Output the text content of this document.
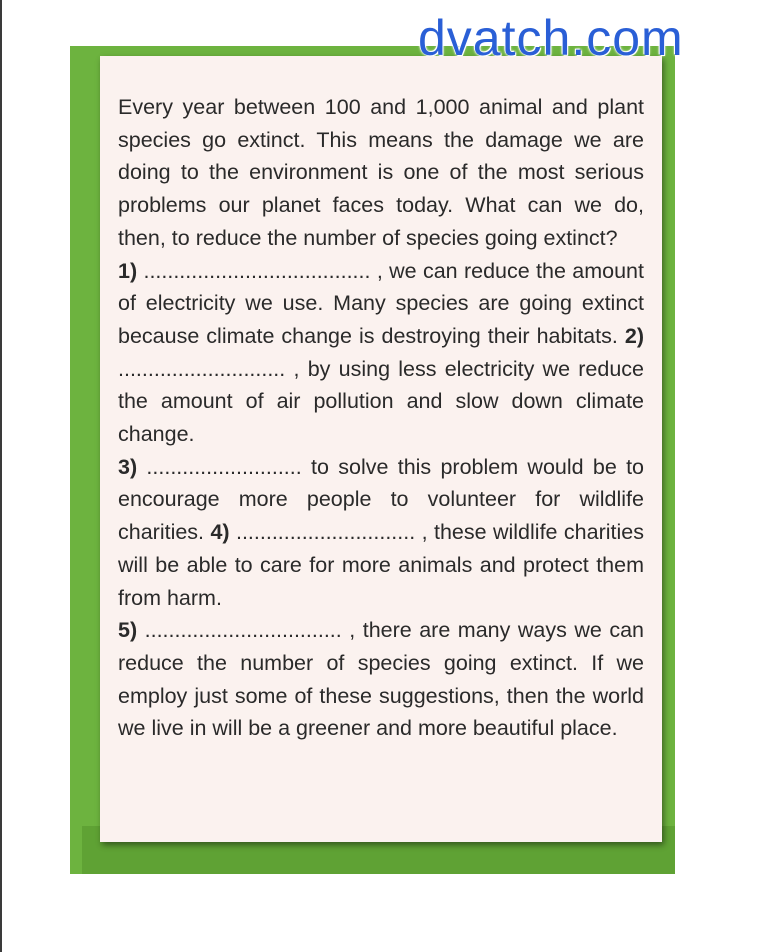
dvatch.com

Every year between 100 and 1,000 animal and plant species go extinct. This means the damage we are doing to the environment is one of the most serious problems our planet faces today. What can we do, then, to reduce the number of species going extinct?

1) ...................................... , we can reduce the amount of electricity we use. Many species are going extinct because climate change is destroying their habitats. 2) ............................ , by using less electricity we reduce the amount of air pollution and slow down climate change.

3) .......................... to solve this problem would be to encourage more people to volunteer for wildlife charities. 4) .............................. , these wildlife charities will be able to care for more animals and protect them from harm.

5) ................................. , there are many ways we can reduce the number of species going extinct. If we employ just some of these suggestions, then the world we live in will be a greener and more beautiful place.
